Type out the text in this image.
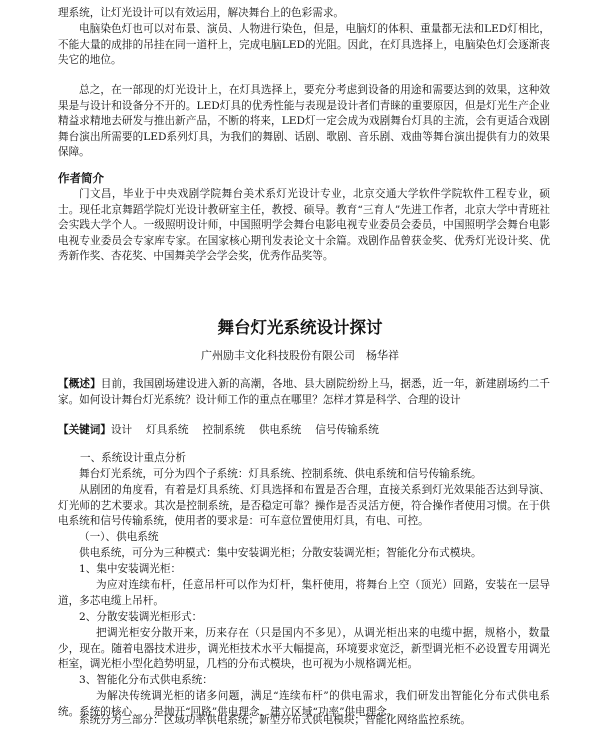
理系统，让灯光设计可以有效运用，解决舞台上的色彩需求。

电脑染色灯也可以对布景、演员、人物进行染色，但是，电脑灯的体积、重量都无法和LED灯相比，不能大量的成排的吊挂在同一道杆上，完成电脑LED的光阻。因此，在灯具选择上，电脑染色灯会逐渐丧失它的地位。

总之，在一部现的灯光设计上，在灯具选择上，要充分考虑到设备的用途和需要达到的效果，这种效果是与设计和设备分不开的。LED灯具的优秀性能与表现是设计者们青睐的重要原因，但是灯光生产企业精益求精地去研发与推出新产品，不断的将来，LED灯一定会成为戏剧舞台灯具的主流，会有更适合戏剧舞台演出所需要的LED系列灯具，为我们的舞剧、话剧、歌剧、音乐剧、戏曲等舞台演出提供有力的效果保障。

作者简介

门文昌，毕业于中央戏剧学院舞台美术系灯光设计专业，北京交通大学软件学院软件工程专业，硕士。现任北京舞蹈学院灯光设计教研室主任，教授、硕导。教育“三育人”先进工作者，北京大学中青班社会实践大学个人。一级照明设计师，中国照明学会舞台电影电视专业委员会委员，中国照明学会舞台电影电视专业委员会专家库专家。在国家核心期刊发表论文十余篇。戏剧作品曾获金奖、优秀灯光设计奖、优秀新作奖、杏花奖、中国舞美学会学会奖，优秀作品奖等。

舞台灯光系统设计探讨

广州励丰文化科技股份有限公司　杨华祥

【概述】目前，我国剧场建设进入新的高潮，各地、县大剧院纷纷上马，据悉，近一年，新建剧场约二千家。如何设计舞台灯光系统？设计师工作的重点在哪里？怎样才算是科学、合理的设计

【关键词】设计 灯具系统 控制系统 供电系统 信号传输系统

一、系统设计重点分析

舞台灯光系统，可分为四个子系统：灯具系统、控制系统、供电系统和信号传输系统。

从剧团的角度看，有着是灯具系统、灯具选择和布置是否合理，直接关系到灯光效果能否达到导演、灯光师的艺术要求。其次是控制系统，是否稳定可靠？操作是否灵活方便，符合操作者使用习惯。在于供电系统和信号传输系统，使用者的要求是：可车意位置使用灯具，有电、可控。

（一）、供电系统

供电系统，可分为三种模式：集中安装调光柜；分散安装调光柜；智能化分布式模块。

1、集中安装调光柜：

为应对连续布杆，任意吊杆可以作为灯杆，集杆使用，将舞台上空（顶光）回路，安装在一层导道，多芯电缆上吊杆。

2、分散安装调光柜形式：

把调光柜安分散开来，历来存在（只是国内不多见），从调光柜出来的电缆中据，规格小，数量少，现在。随着电器技术进步，调光柜技术水平大幅提高，环境要求宽泛，新型调光柜不必设置专用调光柜室，调光柜小型化趋势明显，几档的分布式模块，也可视为小规格调光柜。

3、智能化分布式供电系统：

为解决传统调光柜的诸多问题，满足“连续布杆”的供电需求，我们研发出智能化分布式供电系统。系统的核心　　是抛开“回路”供电理念，建立区域“功率”供电理念。

系统分为三部分：区域功率供电系统；新型分布式供电模块；智能化网络监控系统。
